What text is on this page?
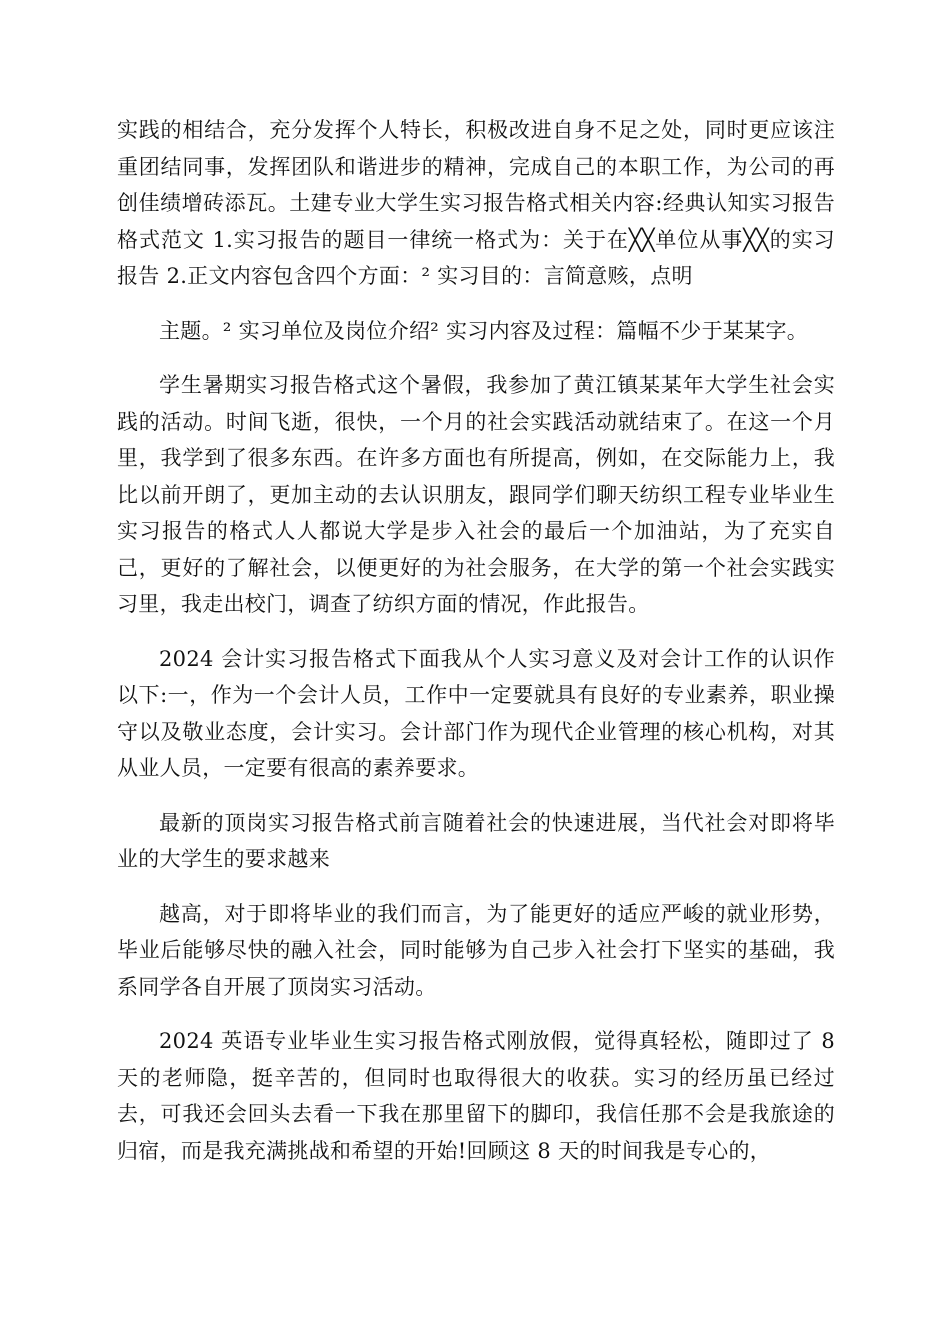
实践的相结合，充分发挥个人特长，积极改进自身不足之处，同时更应该注重团结同事，发挥团队和谐进步的精神，完成自己的本职工作，为公司的再创佳绩增砖添瓦。土建专业大学生实习报告格式相关内容:经典认知实习报告格式范文 1.实习报告的题目一律统一格式为：关于在╳╳单位从事╳╳的实习报告 2.正文内容包含四个方面：² 实习目的：言简意赅，点明

主题。² 实习单位及岗位介绍² 实习内容及过程：篇幅不少于某某字。

学生暑期实习报告格式这个暑假，我参加了黄江镇某某年大学生社会实践的活动。时间飞逝，很快，一个月的社会实践活动就结束了。在这一个月里，我学到了很多东西。在许多方面也有所提高，例如，在交际能力上，我比以前开朗了，更加主动的去认识朋友，跟同学们聊天纺织工程专业毕业生实习报告的格式人人都说大学是步入社会的最后一个加油站，为了充实自己，更好的了解社会，以便更好的为社会服务，在大学的第一个社会实践实习里，我走出校门，调查了纺织方面的情况，作此报告。

2024 会计实习报告格式下面我从个人实习意义及对会计工作的认识作以下:一，作为一个会计人员，工作中一定要就具有良好的专业素养，职业操守以及敬业态度，会计实习。会计部门作为现代企业管理的核心机构，对其从业人员，一定要有很高的素养要求。

最新的顶岗实习报告格式前言随着社会的快速进展，当代社会对即将毕业的大学生的要求越来

越高，对于即将毕业的我们而言，为了能更好的适应严峻的就业形势，毕业后能够尽快的融入社会，同时能够为自己步入社会打下坚实的基础，我系同学各自开展了顶岗实习活动。

2024 英语专业毕业生实习报告格式刚放假，觉得真轻松，随即过了 8 天的老师隐，挺辛苦的，但同时也取得很大的收获。实习的经历虽已经过去，可我还会回头去看一下我在那里留下的脚印，我信任那不会是我旅途的归宿，而是我充满挑战和希望的开始!回顾这 8 天的时间我是专心的，
